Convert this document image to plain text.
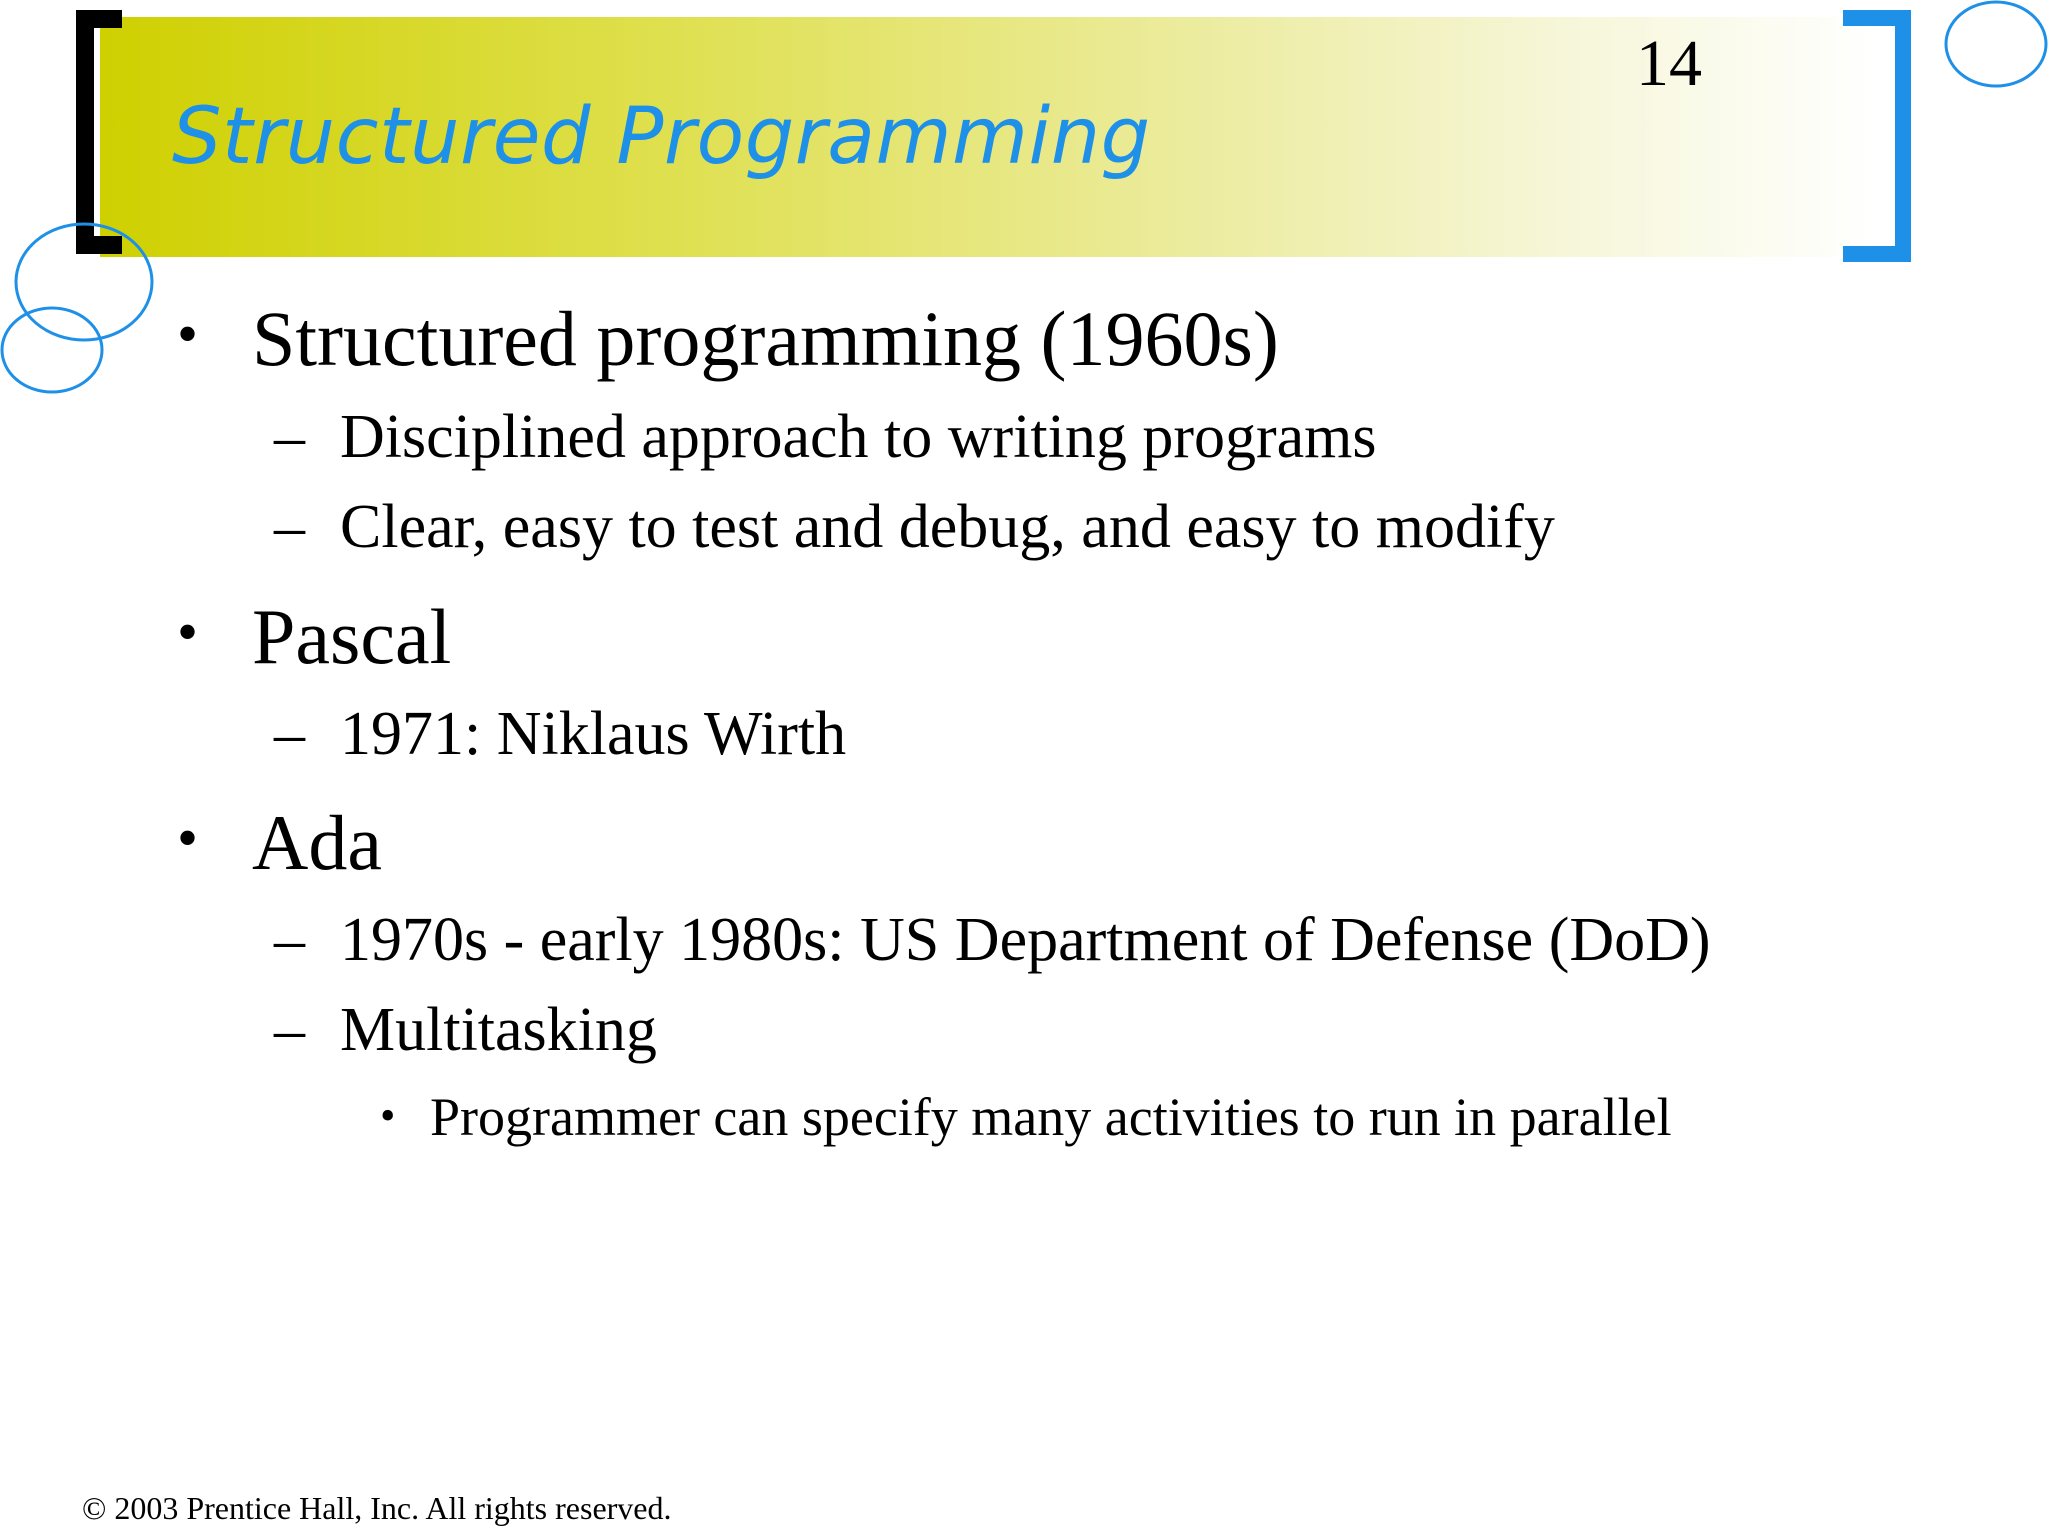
Structured Programming
14
• Structured programming (1960s)
– Disciplined approach to writing programs
– Clear, easy to test and debug, and easy to modify
• Pascal
– 1971: Niklaus Wirth
• Ada
– 1970s - early 1980s: US Department of Defense (DoD)
– Multitasking
• Programmer can specify many activities to run in parallel
© 2003 Prentice Hall, Inc. All rights reserved.
